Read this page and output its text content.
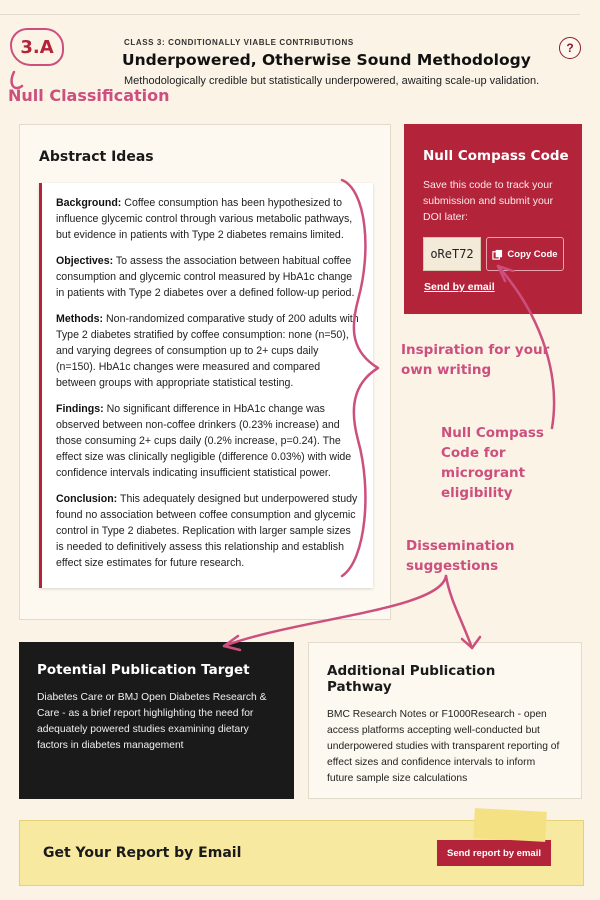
3.A
Null Classification
CLASS 3: CONDITIONALLY VIABLE CONTRIBUTIONS
Underpowered, Otherwise Sound Methodology
Methodologically credible but statistically underpowered, awaiting scale-up validation.
?
Abstract Ideas

Background: Coffee consumption has been hypothesized to influence glycemic control through various metabolic pathways, but evidence in patients with Type 2 diabetes remains limited.

Objectives: To assess the association between habitual coffee consumption and glycemic control measured by HbA1c change in patients with Type 2 diabetes over a defined follow-up period.

Methods: Non-randomized comparative study of 200 adults with Type 2 diabetes stratified by coffee consumption: none (n=50), and varying degrees of consumption up to 2+ cups daily (n=150). HbA1c changes were measured and compared between groups with appropriate statistical testing.

Findings: No significant difference in HbA1c change was observed between non-coffee drinkers (0.23% increase) and those consuming 2+ cups daily (0.2% increase, p=0.24). The effect size was clinically negligible (difference 0.03%) with wide confidence intervals indicating insufficient statistical power.

Conclusion: This adequately designed but underpowered study found no association between coffee consumption and glycemic control in Type 2 diabetes. Replication with larger sample sizes is needed to definitively assess this relationship and establish effect size estimates for future research.

Null Compass Code
Save this code to track your submission and submit your DOI later:
oReT72	Copy Code
Send by email
Inspiration for your own writing
Null Compass Code for microgrant eligibility
Dissemination suggestions
Potential Publication Target
Diabetes Care or BMJ Open Diabetes Research & Care - as a brief report highlighting the need for adequately powered studies examining dietary factors in diabetes management
Additional Publication Pathway
BMC Research Notes or F1000Research - open access platforms accepting well-conducted but underpowered studies with transparent reporting of effect sizes and confidence intervals to inform future sample size calculations
Get Your Report by Email	Send report by email
